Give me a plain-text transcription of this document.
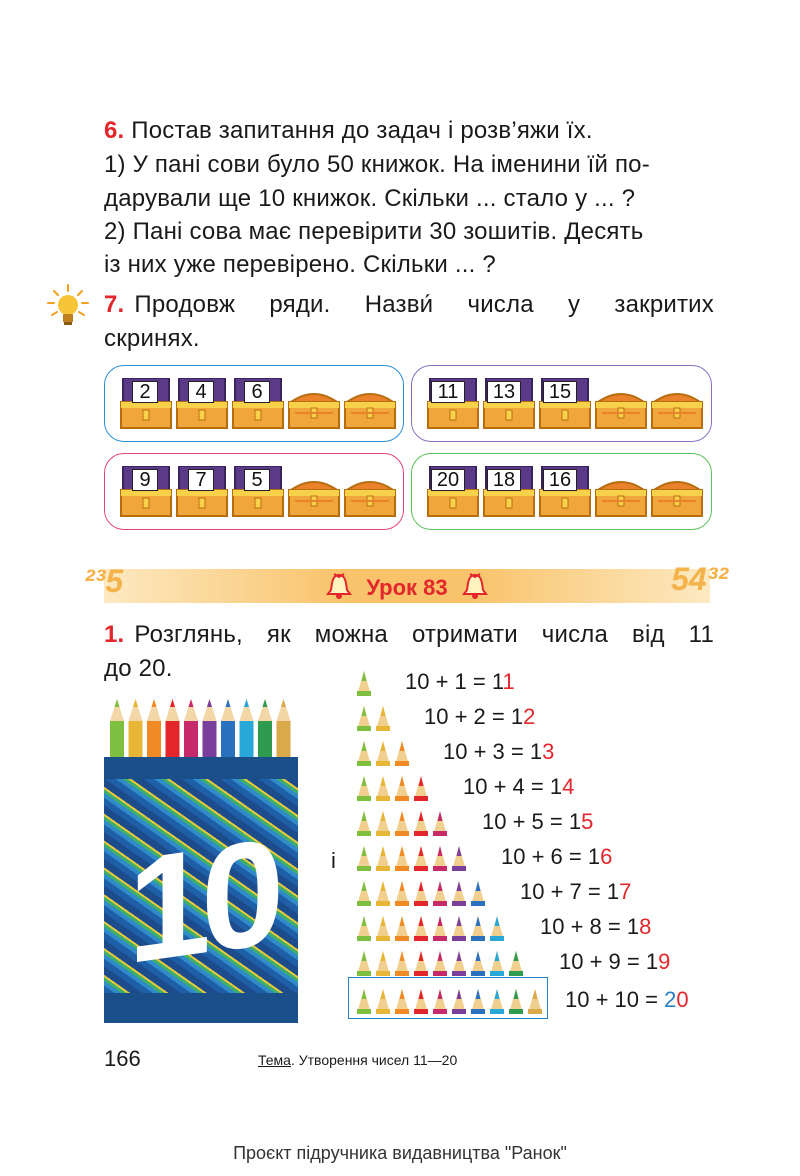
6. Постав запитання до задач і розв’яжи їх.
1) У пані сови було 50 книжок. На іменини їй по-
дарували ще 10 книжок. Скільки ... стало у ... ?
2) Пані сова має перевірити 30 зошитів. Десять
із них уже перевірено. Скільки ... ?
7. Продовж ряди. Назви́ числа у закритих
скринях.
2	4	6	11	13 15
9	7	5	20 18 16
²³5	Урок 83	54³²
1. Розглянь, як можна отримати числа від 11
до 20.
10	і
10 + 1 = 11
10 + 2 = 12
10 + 3 = 13
10 + 4 = 14
10 + 5 = 15
10 + 6 = 16
10 + 7 = 17
10 + 8 = 18
10 + 9 = 19
10 + 10 = 20
166	Тема. Утворення чисел 11—20
Проєкт підручника видавництва "Ранок"
